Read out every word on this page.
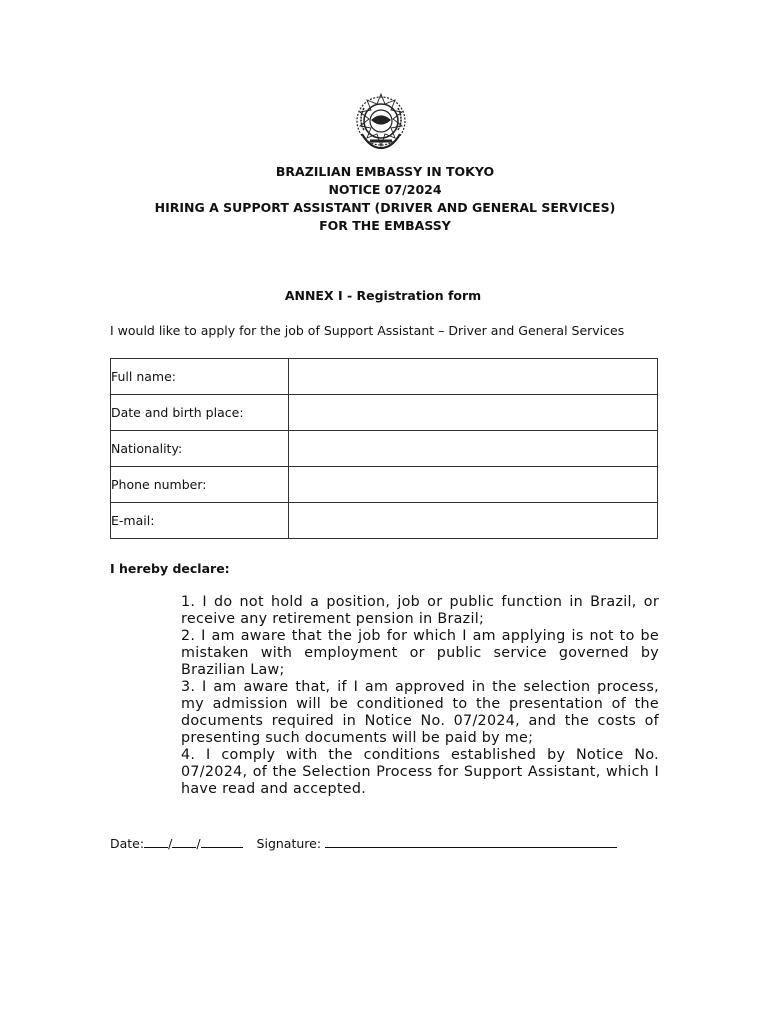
BRAZILIAN EMBASSY IN TOKYO
NOTICE 07/2024
HIRING A SUPPORT ASSISTANT (DRIVER AND GENERAL SERVICES)
FOR THE EMBASSY
ANNEX I - Registration form
I would like to apply for the job of Support Assistant – Driver and General Services
Full name:	
Date and birth place:	
Nationality:	
Phone number:	
E-mail:	
I hereby declare:

1. I do not hold a position, job or public function in Brazil, or receive any retirement pension in Brazil;

2. I am aware that the job for which I am applying is not to be mistaken with employment or public service governed by Brazilian Law;

3. I am aware that, if I am approved in the selection process, my admission will be conditioned to the presentation of the documents required in Notice No. 07/2024, and the costs of presenting such documents will be paid by me;

4. I comply with the conditions established by Notice No. 07/2024, of the Selection Process for Support Assistant, which I have read and accepted.

Date: / /	Signature:
